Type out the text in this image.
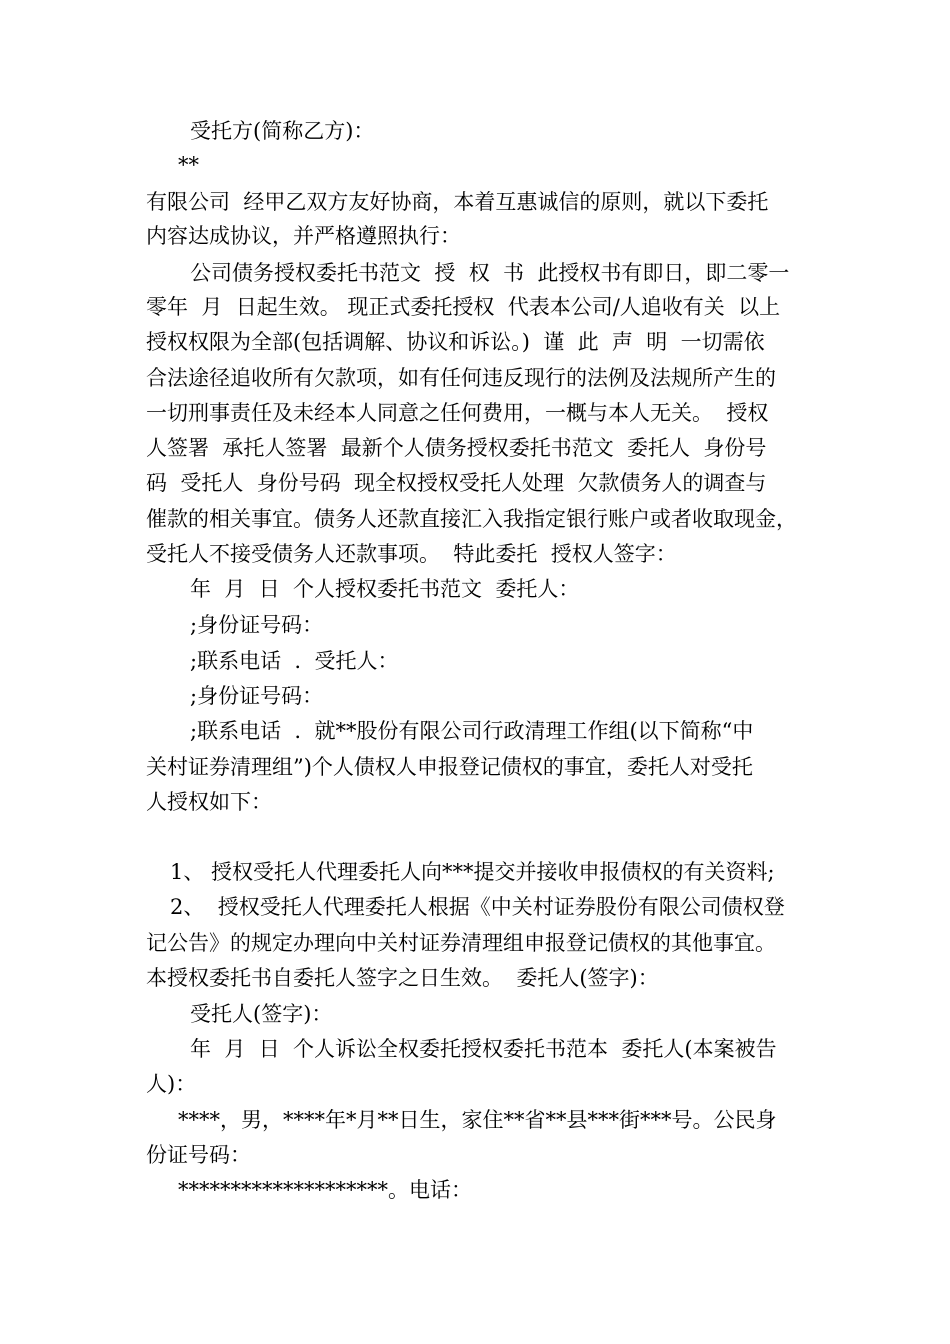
受托方(简称乙方)：
**
有限公司  经甲乙双方友好协商，本着互惠诚信的原则，就以下委托
内容达成协议，并严格遵照执行：
公司债务授权委托书范文  授  权  书  此授权书有即日，即二零一
零年  月  日起生效。 现正式委托授权  代表本公司/人追收有关  以上
授权权限为全部(包括调解、协议和诉讼。)  谨  此  声  明  一切需依
合法途径追收所有欠款项，如有任何违反现行的法例及法规所产生的
一切刑事责任及未经本人同意之任何费用，一概与本人无关。  授权
人签署  承托人签署  最新个人债务授权委托书范文  委托人  身份号
码  受托人  身份号码  现全权授权受托人处理  欠款债务人的调查与
催款的相关事宜。债务人还款直接汇入我指定银行账户或者收取现金，
受托人不接受债务人还款事项。  特此委托  授权人签字：
年  月  日  个人授权委托书范文  委托人：
;身份证号码：
;联系电话  .  受托人：
;身份证号码：
;联系电话  .  就**股份有限公司行政清理工作组(以下简称“中
关村证券清理组”)个人债权人申报登记债权的事宜，委托人对受托
人授权如下：
1、 授权受托人代理委托人向***提交并接收申报债权的有关资料;
2、  授权受托人代理委托人根据《中关村证券股份有限公司债权登
记公告》的规定办理向中关村证券清理组申报登记债权的其他事宜。
本授权委托书自委托人签字之日生效。  委托人(签字)：
受托人(签字)：
年  月  日  个人诉讼全权委托授权委托书范本  委托人(本案被告
人)：
****，男，****年*月**日生，家住**省**县***街***号。公民身
份证号码：
********************。电话：
